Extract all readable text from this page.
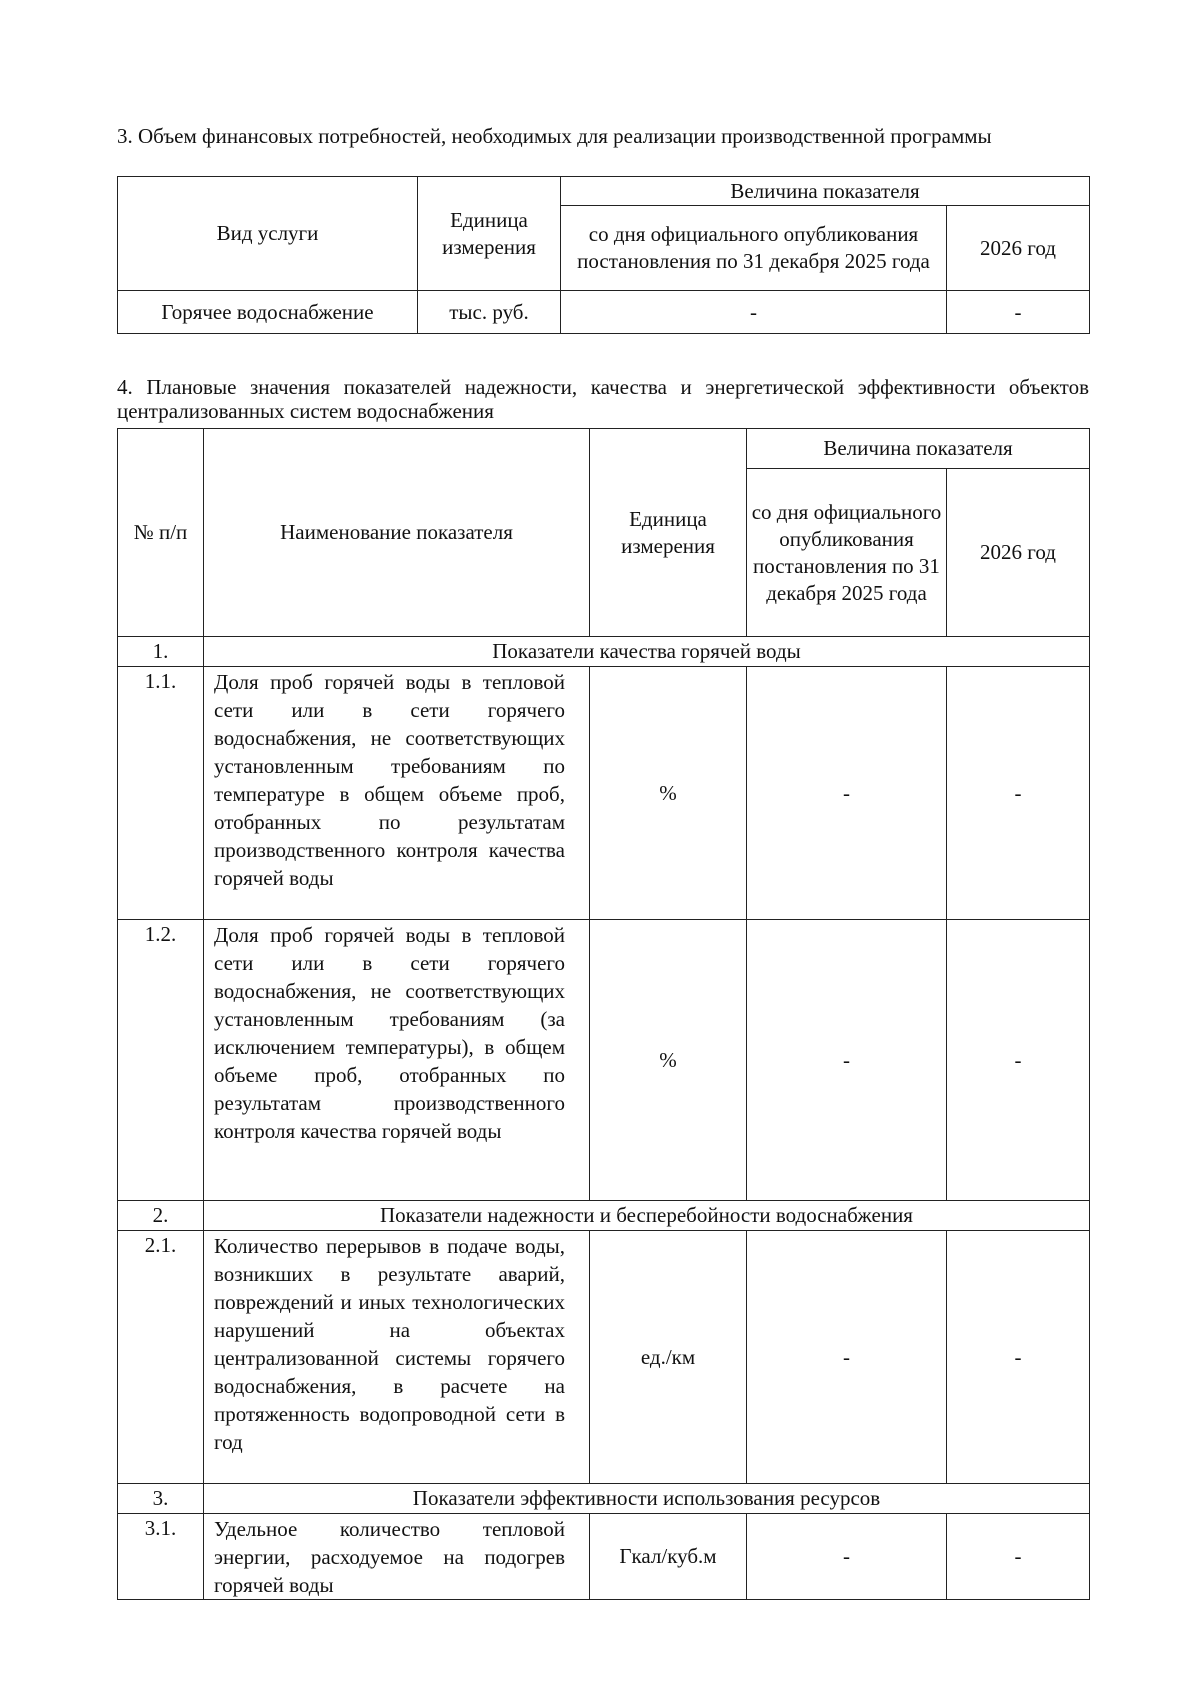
3. Объем финансовых потребностей, необходимых для реализации производственной программы
Вид услуги	Единица измерения	Величина показателя	
		со дня официального опубликования постановления по 31 декабря 2025 года	2026 год
Горячее водоснабжение	тыс. руб.	-	-
4. Плановые значения показателей надежности, качества и энергетической эффективности объектов централизованных систем водоснабжения
№ п/п	Наименование показателя	Единица измерения	Величина показателя	
			со дня официального опубликования постановления по 31 декабря 2025 года	2026 год
1.	Показатели качества горячей воды			
1.1.	Доля проб горячей воды в тепловой сети или в сети горячего водоснабжения, не соответствующих установленным требованиям по температуре в общем объеме проб, отобранных по результатам производственного контроля качества горячей воды	%	-	-
1.2.	Доля проб горячей воды в тепловой сети или в сети горячего водоснабжения, не соответствующих установленным требованиям (за исключением температуры), в общем объеме проб, отобранных по результатам производственного контроля качества горячей воды	%	-	-
2.	Показатели надежности и бесперебойности водоснабжения			
2.1.	Количество перерывов в подаче воды, возникших в результате аварий, повреждений и иных технологических нарушений на объектах централизованной системы горячего водоснабжения, в расчете на протяженность водопроводной сети в год	ед./км	-	-
3.	Показатели эффективности использования ресурсов			
3.1.	Удельное количество тепловой энергии, расходуемое на подогрев горячей воды	Гкал/куб.м	-	-
